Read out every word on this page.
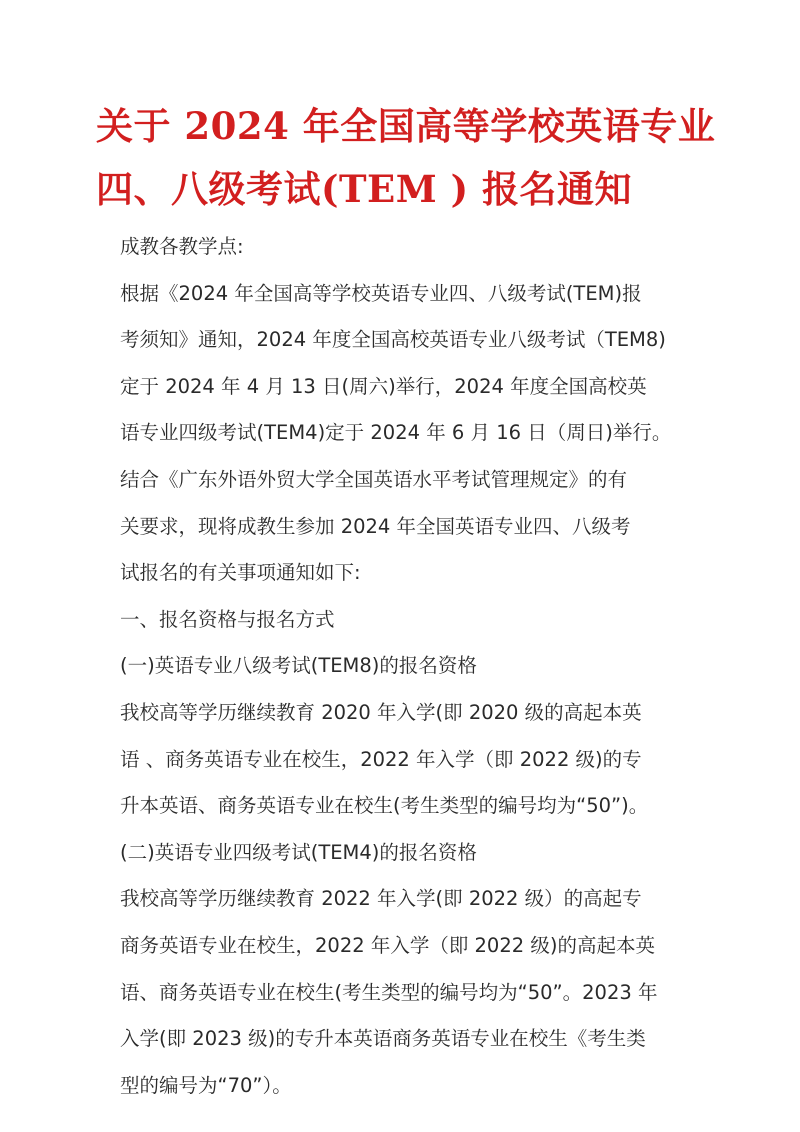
关于 2024 年全国高等学校英语专业
四、八级考试(TEM ) 报名通知
成教各教学点:
根据《2024 年全国高等学校英语专业四、八级考试(TEM)报
考须知》通知，2024 年度全国高校英语专业八级考试（TEM8)
定于 2024 年 4 月 13 日(周六)举行，2024 年度全国高校英
语专业四级考试(TEM4)定于 2024 年 6 月 16 日（周日)举行。
结合《广东外语外贸大学全国英语水平考试管理规定》的有
关要求，现将成教生参加 2024 年全国英语专业四、八级考
试报名的有关事项通知如下:
一、报名资格与报名方式
(一)英语专业八级考试(TEM8)的报名资格
我校高等学历继续教育 2020 年入学(即 2020 级的高起本英
语 、商务英语专业在校生，2022 年入学（即 2022 级)的专
升本英语、商务英语专业在校生(考生类型的编号均为“50”)。
(二)英语专业四级考试(TEM4)的报名资格
我校高等学历继续教育 2022 年入学(即 2022 级）的高起专
商务英语专业在校生，2022 年入学（即 2022 级)的高起本英
语、商务英语专业在校生(考生类型的编号均为“50”。2023 年
入学(即 2023 级)的专升本英语商务英语专业在校生《考生类
型的编号为“70”）。
